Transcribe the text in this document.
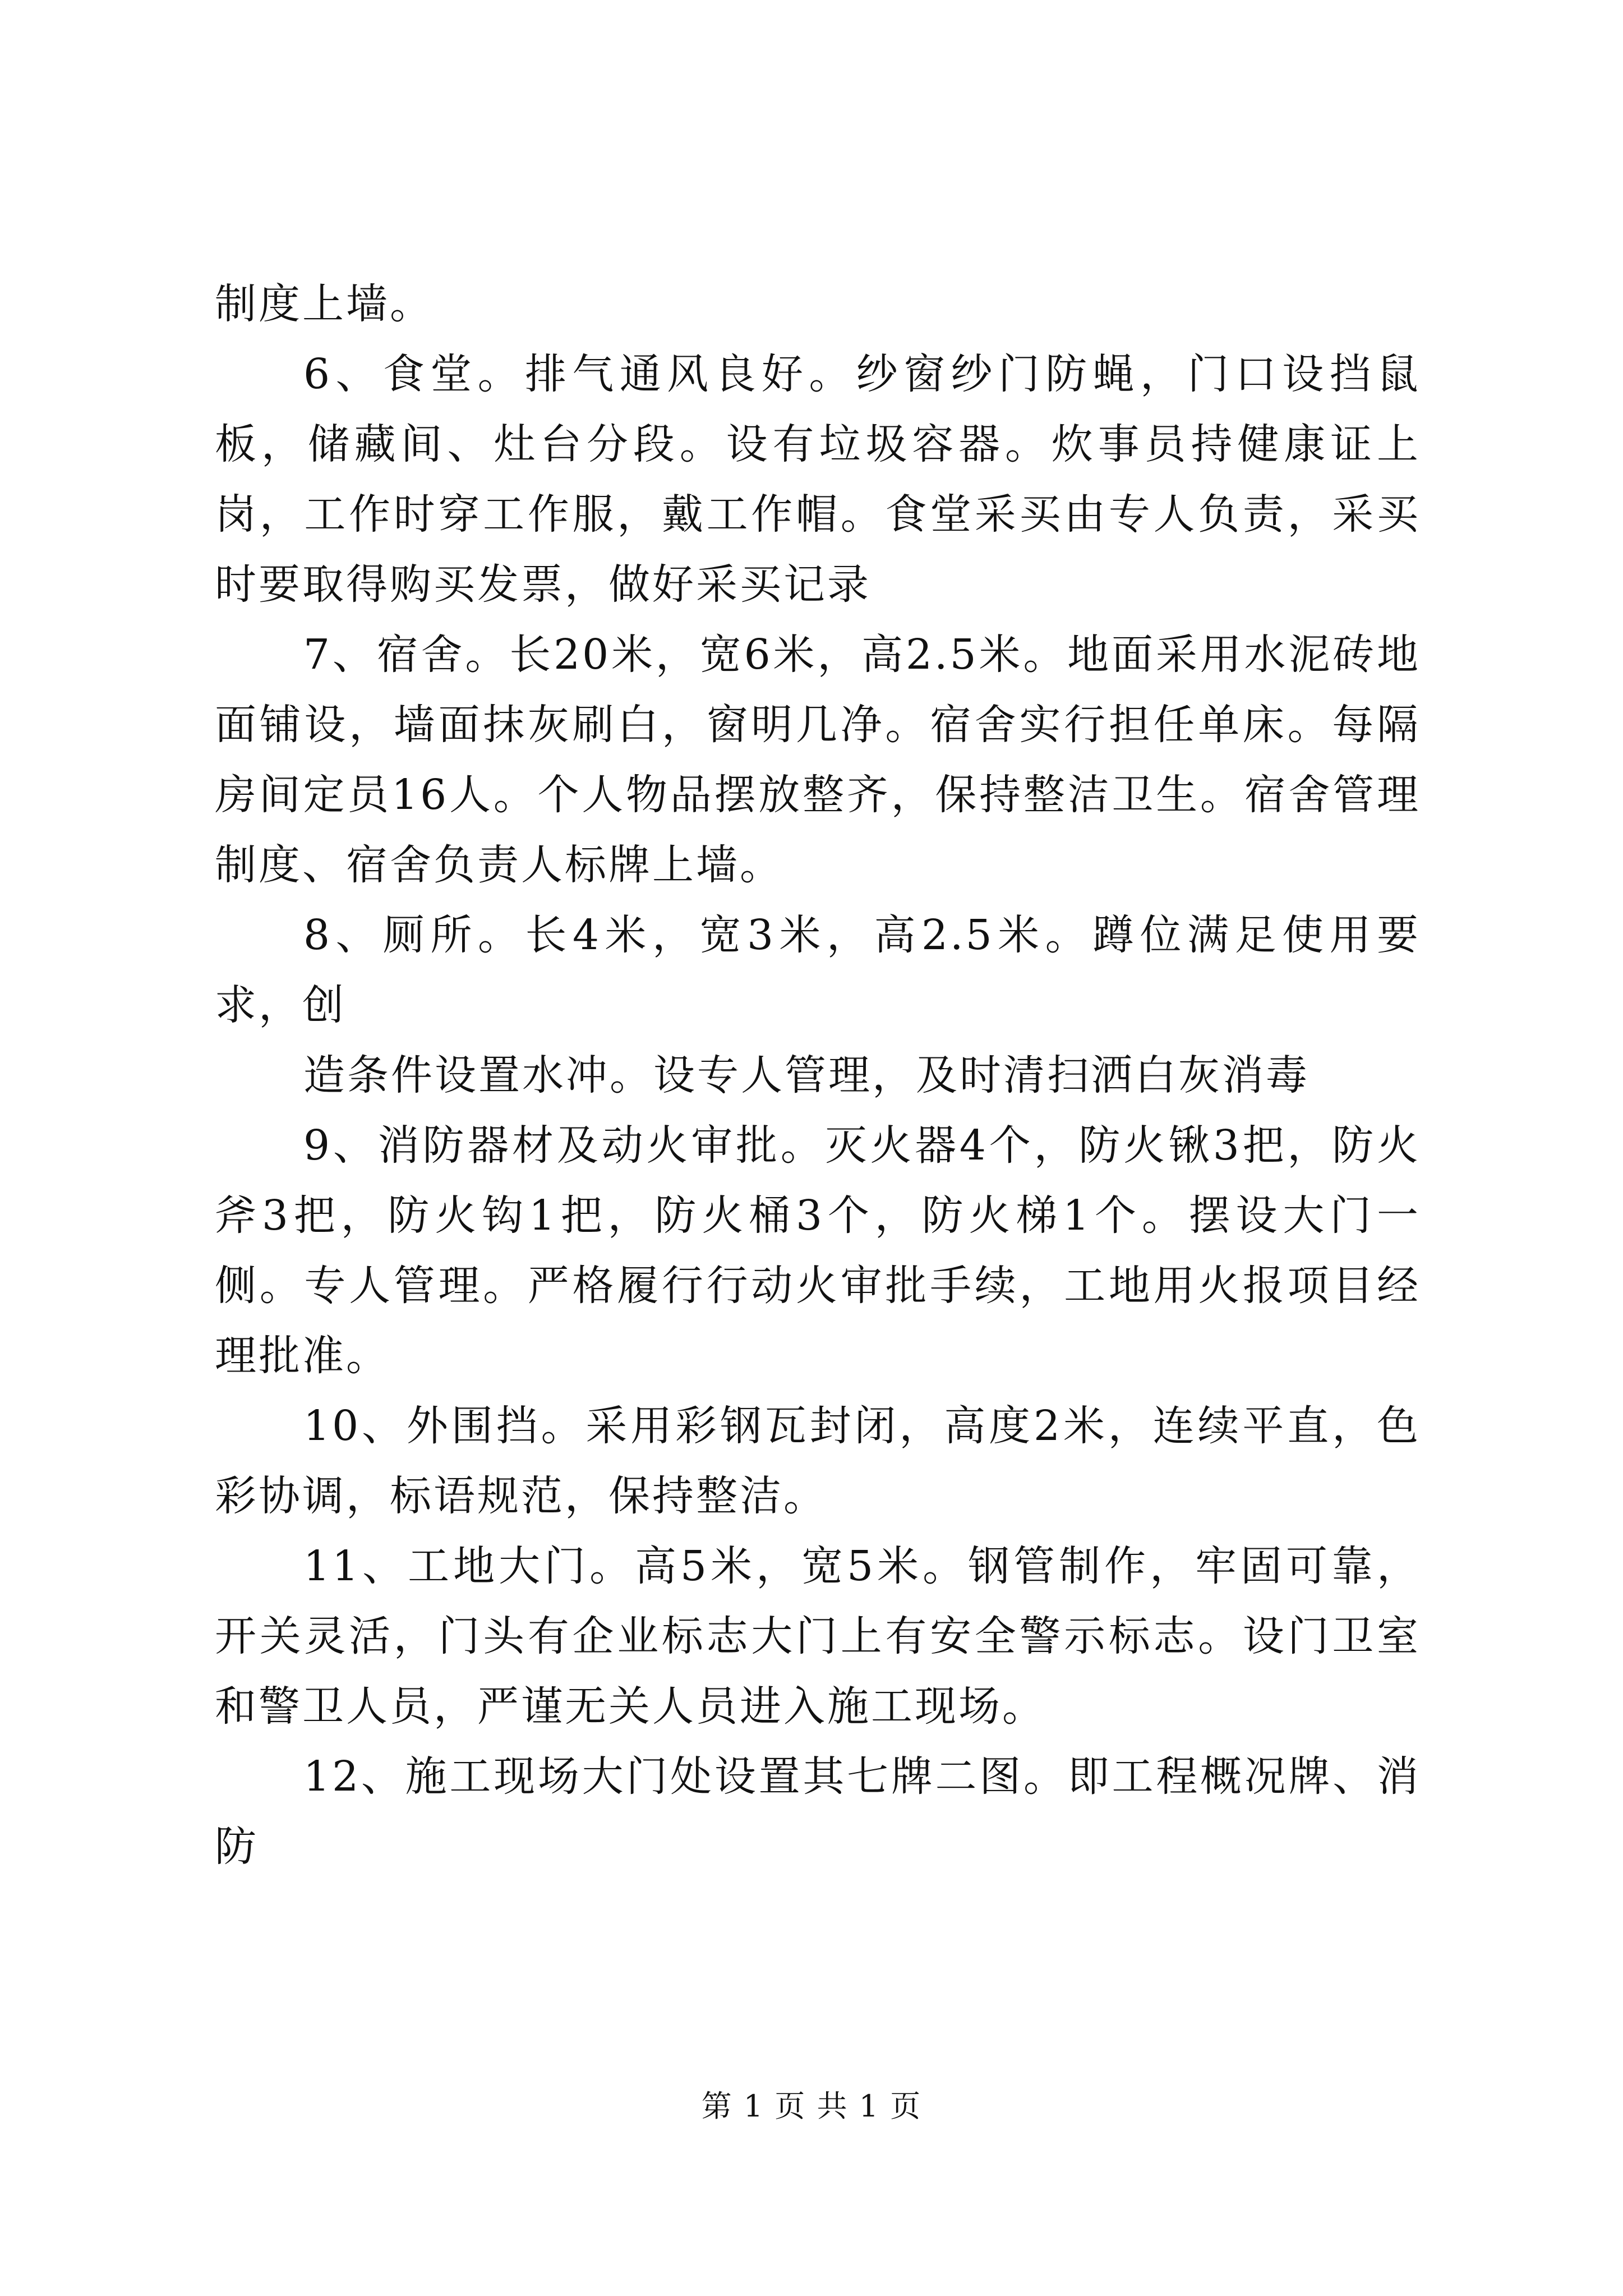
制度上墙。

6、食堂。排气通风良好。纱窗纱门防蝇，门口设挡鼠板，储藏间、灶台分段。设有垃圾容器。炊事员持健康证上岗，工作时穿工作服，戴工作帽。食堂采买由专人负责，采买时要取得购买发票，做好采买记录

7、宿舍。长20米，宽6米，高2.5米。地面采用水泥砖地面铺设，墙面抹灰刷白，窗明几净。宿舍实行担任单床。每隔房间定员16人。个人物品摆放整齐，保持整洁卫生。宿舍管理制度、宿舍负责人标牌上墙。

8、厕所。长4米，宽3米，高2.5米。蹲位满足使用要求，创

造条件设置水冲。设专人管理，及时清扫洒白灰消毒

9、消防器材及动火审批。灭火器4个，防火锹3把，防火斧3把，防火钩1把，防火桶3个，防火梯1个。摆设大门一侧。专人管理。严格履行行动火审批手续，工地用火报项目经理批准。

10、外围挡。采用彩钢瓦封闭，高度2米，连续平直，色彩协调，标语规范，保持整洁。

11、工地大门。高5米，宽5米。钢管制作，牢固可靠，开关灵活，门头有企业标志大门上有安全警示标志。设门卫室和警卫人员，严谨无关人员进入施工现场。

12、施工现场大门处设置其七牌二图。即工程概况牌、消防

第 1 页 共 1 页
